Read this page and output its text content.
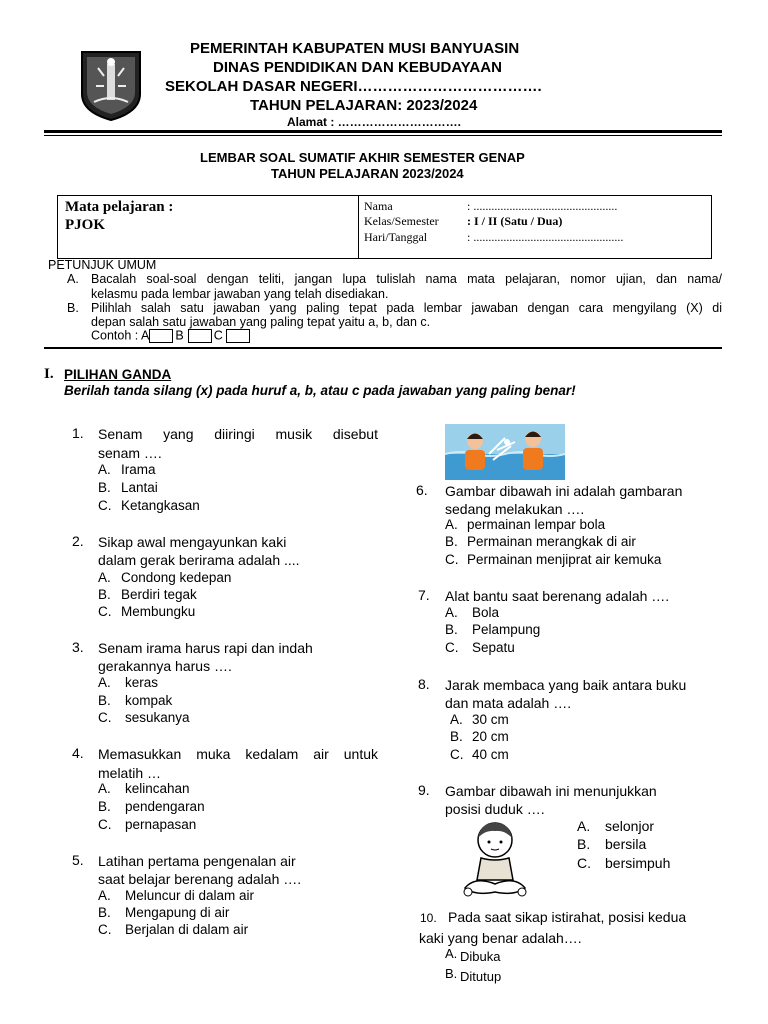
PEMERINTAH KABUPATEN MUSI BANYUASIN
DINAS PENDIDIKAN DAN KEBUDAYAAN
SEKOLAH DASAR NEGERI……………………………….
TAHUN PELAJARAN: 2023/2024
Alamat : ………………………….
LEMBAR SOAL SUMATIF AKHIR SEMESTER GENAP
TAHUN PELAJARAN 2023/2024
Mata pelajaran :
PJOK
Nama	: ................................................
Kelas/Semester : I / II (Satu / Dua)
Hari/Tanggal	: ..................................................
PETUNJUK UMUM
A. Bacalah soal-soal dengan teliti, jangan lupa tulislah nama mata pelajaran, nomor ujian, dan nama/
kelasmu pada lembar jawaban yang telah disediakan.
B. Pilihlah salah satu jawaban yang paling tepat pada lembar jawaban dengan cara mengyilang (X) di
depan salah satu jawaban yang paling tepat yaitu a, b, dan c.
Contoh : A B C
I. PILIHAN GANDA
Berilah tanda silang (x) pada huruf a, b, atau c pada jawaban yang paling benar!
1. Senam yang diiringi musik disebut
senam ….
A. Irama
B. Lantai
C. Ketangkasan
2. Sikap awal mengayunkan kaki
dalam gerak berirama adalah ....
A. Condong kedepan
B. Berdiri tegak
C. Membungku
3. Senam irama harus rapi dan indah
gerakannya harus ….
A. keras
B. kompak
C. sesukanya
4. Memasukkan muka kedalam air untuk
melatih …
A. kelincahan
B. pendengaran
C. pernapasan
5. Latihan pertama pengenalan air
saat belajar berenang adalah ….
A. Meluncur di dalam air
B. Mengapung di air
C. Berjalan di dalam air
6. Gambar dibawah ini adalah gambaran
sedang melakukan ….
A. permainan lempar bola
B. Permainan merangkak di air
C. Permainan menjiprat air kemuka
7. Alat bantu saat berenang adalah ….
A. Bola
B. Pelampung
C. Sepatu
8. Jarak membaca yang baik antara buku
dan mata adalah ….
A. 30 cm
B. 20 cm
C. 40 cm
9. Gambar dibawah ini menunjukkan
posisi duduk ….
A. selonjor
B. bersila
C. bersimpuh
10. Pada saat sikap istirahat, posisi kedua
kaki yang benar adalah….
A. Dibuka
B. Ditutup
